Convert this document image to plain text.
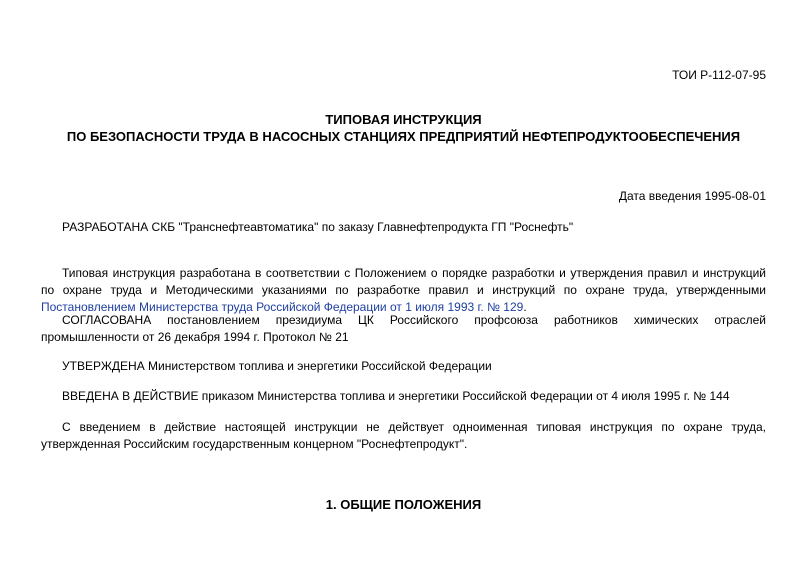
ТОИ Р-112-07-95
ТИПОВАЯ ИНСТРУКЦИЯ
ПО БЕЗОПАСНОСТИ ТРУДА В НАСОСНЫХ СТАНЦИЯХ ПРЕДПРИЯТИЙ НЕФТЕПРОДУКТООБЕСПЕЧЕНИЯ
Дата введения 1995-08-01
РАЗРАБОТАНА СКБ "Транснефтеавтоматика" по заказу Главнефтепродукта ГП "Роснефть"
Типовая инструкция разработана в соответствии с Положением о порядке разработки и утверждения правил и инструкций по охране труда и Методическими указаниями по разработке правил и инструкций по охране труда, утвержденными Постановлением Министерства труда Российской Федерации от 1 июля 1993 г. № 129.
СОГЛАСОВАНА постановлением президиума ЦК Российского профсоюза работников химических отраслей промышленности от 26 декабря 1994 г. Протокол № 21
УТВЕРЖДЕНА Министерством топлива и энергетики Российской Федерации
ВВЕДЕНА В ДЕЙСТВИЕ приказом Министерства топлива и энергетики Российской Федерации от 4 июля 1995 г. № 144
С введением в действие настоящей инструкции не действует одноименная типовая инструкция по охране труда, утвержденная Российским государственным концерном "Роснефтепродукт".
1. ОБЩИЕ ПОЛОЖЕНИЯ
